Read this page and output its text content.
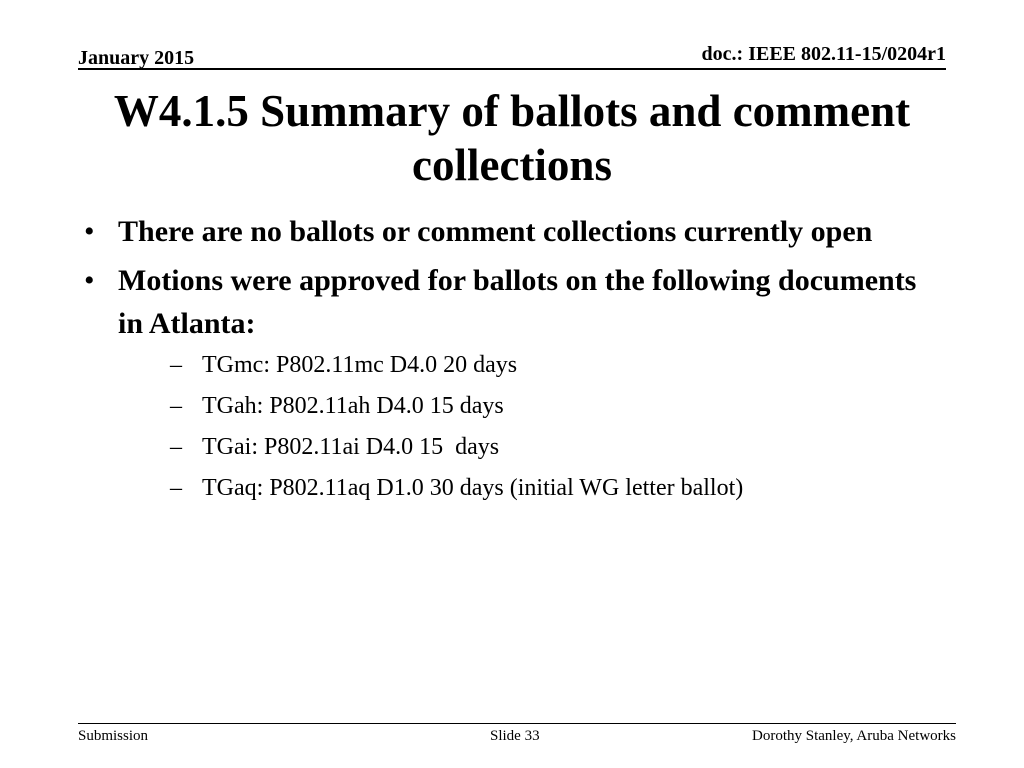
January 2015	doc.: IEEE 802.11-15/0204r1
W4.1.5 Summary of ballots and comment collections
• There are no ballots or comment collections currently open
• Motions were approved for ballots on the following documents in Atlanta:
– TGmc: P802.11mc D4.0 20 days
– TGah: P802.11ah D4.0 15 days
– TGai: P802.11ai D4.0 15  days
– TGaq: P802.11aq D1.0 30 days (initial WG letter ballot)
Submission	Slide 33	Dorothy Stanley, Aruba Networks
